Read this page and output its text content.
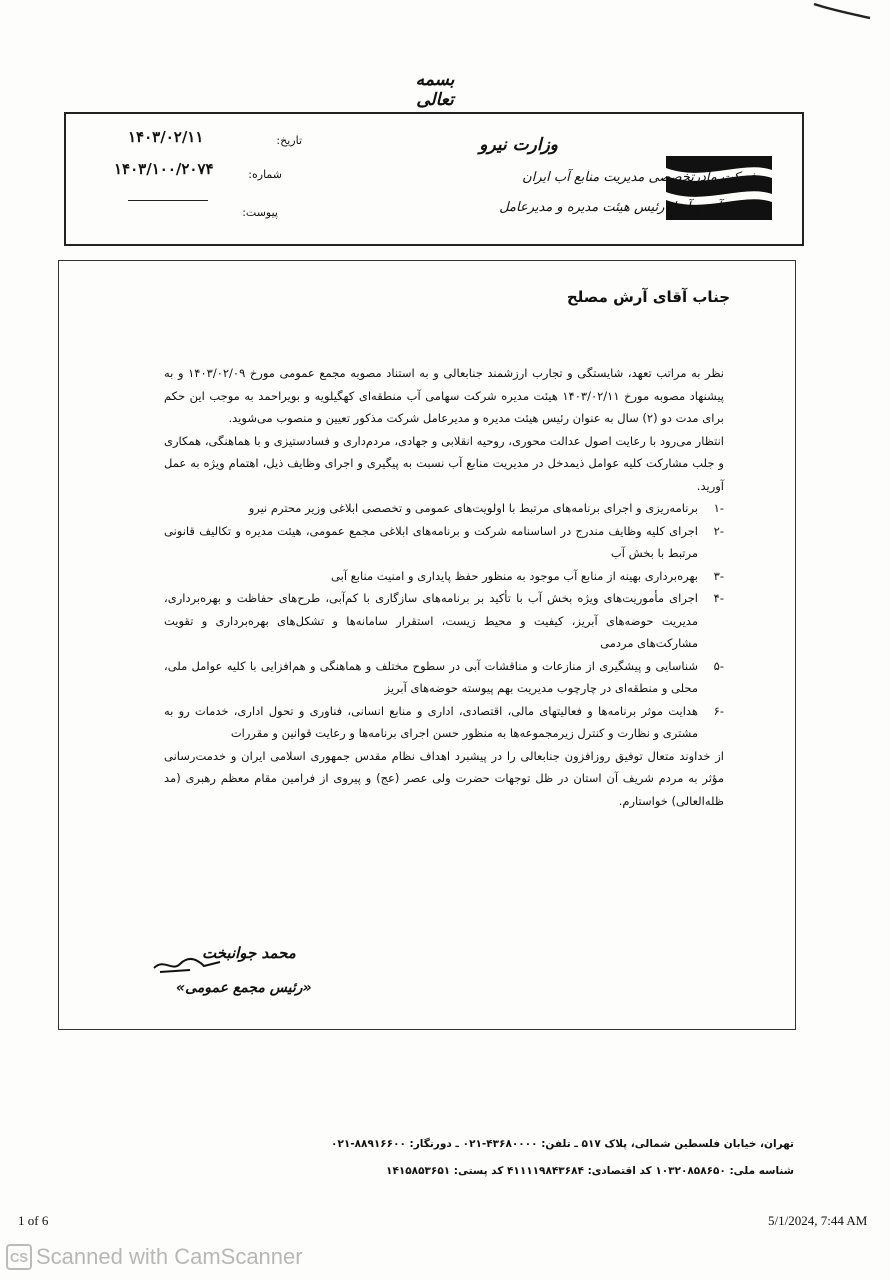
بسمه تعالی
وزارت نیرو
شرکت مادرتخصصی مدیریت منابع آب ایران
معاون آب و آبفا، رئیس هیئت مدیره و مدیرعامل
تاریخ:
۱۴۰۳/۰۲/۱۱
شماره:
۱۴۰۳/۱۰۰/۲۰۷۴
پیوست:
جناب آقای آرش مصلح

نظر به مراتب تعهد، شایستگی و تجارب ارزشمند جنابعالی و به استناد مصوبه مجمع عمومی مورخ ۱۴۰۳/۰۲/۰۹ و به پیشنهاد مصوبه مورخ ۱۴۰۳/۰۲/۱۱ هیئت مدیره شرکت سهامی آب منطقه‌ای کهگیلویه و بویراحمد به موجب این حکم برای مدت دو (۲) سال به عنوان رئیس هیئت مدیره و مدیرعامل شرکت مذکور تعیین و منصوب می‌شوید.

انتظار می‌رود با رعایت اصول عدالت محوری، روحیه انقلابی و جهادی، مردم‌داری و فسادستیزی و با هماهنگی، همکاری و جلب مشارکت کلیه عوامل ذیمدخل در مدیریت منابع آب نسبت به پیگیری و اجرای وظایف ذیل، اهتمام ویژه به عمل آورید.

-۱
برنامه‌ریزی و اجرای برنامه‌های مرتبط با اولویت‌های عمومی و تخصصی ابلاغی وزیر محترم نیرو
-۲
اجرای کلیه وظایف مندرج در اساسنامه شرکت و برنامه‌های ابلاغی مجمع عمومی، هیئت مدیره و تکالیف قانونی مرتبط با بخش آب
-۳
بهره‌برداری بهینه از منابع آب موجود به منظور حفظ پایداری و امنیت منابع آبی
-۴
اجرای مأموریت‌های ویژه بخش آب با تأکید بر برنامه‌های سازگاری با کم‌آبی، طرح‌های حفاظت و بهره‌برداری، مدیریت حوضه‌های آبریز، کیفیت و محیط زیست، استقرار سامانه‌ها و تشکل‌های بهره‌برداری و تقویت مشارکت‌های مردمی
-۵
شناسایی و پیشگیری از منازعات و مناقشات آبی در سطوح مختلف و هماهنگی و هم‌افزایی با کلیه عوامل ملی، محلی و منطقه‌ای در چارچوب مدیریت بهم پیوسته حوضه‌های آبریز
-۶
هدایت موثر برنامه‌ها و فعالیتهای مالی، اقتصادی، اداری و منابع انسانی، فناوری و تحول اداری، خدمات رو به مشتری و نظارت و کنترل زیرمجموعه‌ها به منظور حسن اجرای برنامه‌ها و رعایت قوانین و مقررات

از خداوند متعال توفیق روزافزون جنابعالی را در پیشبرد اهداف نظام مقدس جمهوری اسلامی ایران و خدمت‌رسانی مؤثر به مردم شریف آن استان در ظل توجهات حضرت ولی عصر (عج) و پیروی از فرامین مقام معظم رهبری (مد ظله‌العالی) خواستارم.

محمد جوانبخت
«رئیس مجمع عمومی»
تهران، خیابان فلسطین شمالی، پلاک ۵۱۷ ـ تلفن: ۴۳۶۸۰۰۰۰-۰۲۱ ـ دورنگار: ۸۸۹۱۶۶۰۰-۰۲۱
شناسه ملی: ۱۰۳۲۰۸۵۸۶۵۰ کد اقتصادی: ۴۱۱۱۱۹۸۴۳۶۸۴ کد پستی: ۱۴۱۵۸۵۳۶۵۱
1 of 6	5/1/2024, 7:44 AM
CS Scanned with CamScanner
